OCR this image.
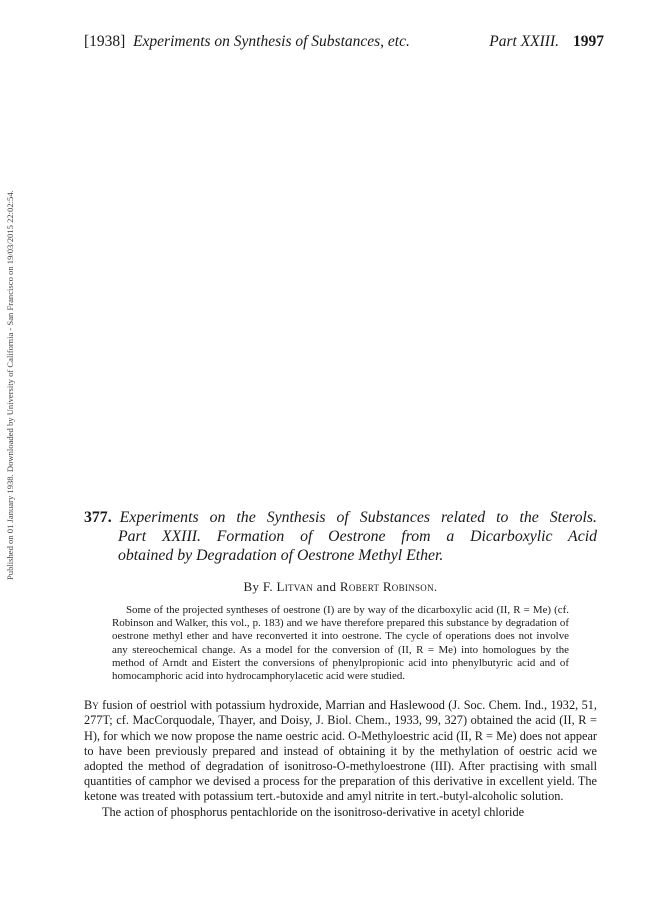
[1938] Experiments on Synthesis of Substances, etc.	Part XXIII. 1997
Published on 01 January 1938. Downloaded by University of California - San Francisco on 19/03/2015 22:02:54.	377. Experiments on the Synthesis of Substances related to the Sterols.
Part XXIII. Formation of Oestrone from a Dicarboxylic Acid
obtained by Degradation of Oestrone Methyl Ether.
By F. Litvan and Robert Robinson.

Some of the projected syntheses of oestrone (I) are by way of the dicarboxylic acid (II, R = Me) (cf. Robinson and Walker, this vol., p. 183) and we have therefore prepared this substance by degradation of oestrone methyl ether and have reconverted it into oestrone. The cycle of operations does not involve any stereochemical change. As a model for the conversion of (II, R = Me) into homologues by the method of Arndt and Eistert the conversions of phenylpropionic acid into phenylbutyric acid and of homocamphoric acid into hydrocamphorylacetic acid were studied.

By fusion of oestriol with potassium hydroxide, Marrian and Haslewood (J. Soc. Chem. Ind., 1932, 51, 277T; cf. MacCorquodale, Thayer, and Doisy, J. Biol. Chem., 1933, 99, 327) obtained the acid (II, R = H), for which we now propose the name oestric acid. O-Methyloestric acid (II, R = Me) does not appear to have been previously prepared and instead of obtaining it by the methylation of oestric acid we adopted the method of degradation of isonitroso-O-methyloestrone (III). After practising with small quantities of camphor we devised a process for the preparation of this derivative in excellent yield. The ketone was treated with potassium tert.-butoxide and amyl nitrite in tert.-butyl-alcoholic solution.

The action of phosphorus pentachloride on the isonitroso-derivative in acetyl chloride
